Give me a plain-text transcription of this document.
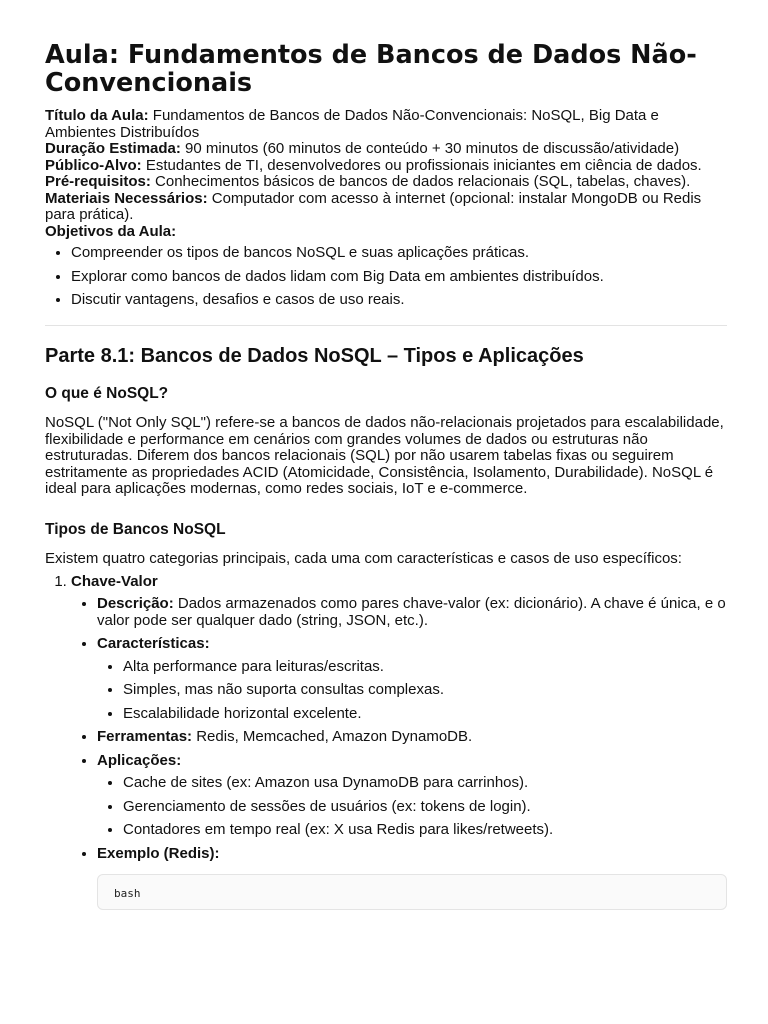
Aula: Fundamentos de Bancos de Dados Não-Convencionais

Título da Aula: Fundamentos de Bancos de Dados Não-Convencionais: NoSQL, Big Data e Ambientes Distribuídos

Duração Estimada: 90 minutos (60 minutos de conteúdo + 30 minutos de discussão/atividade)

Público-Alvo: Estudantes de TI, desenvolvedores ou profissionais iniciantes em ciência de dados.

Pré-requisitos: Conhecimentos básicos de bancos de dados relacionais (SQL, tabelas, chaves).

Materiais Necessários: Computador com acesso à internet (opcional: instalar MongoDB ou Redis para prática).

Objetivos da Aula:

• Compreender os tipos de bancos NoSQL e suas aplicações práticas.
• Explorar como bancos de dados lidam com Big Data em ambientes distribuídos.
• Discutir vantagens, desafios e casos de uso reais.
Parte 8.1: Bancos de Dados NoSQL – Tipos e Aplicações
O que é NoSQL?

NoSQL ("Not Only SQL") refere-se a bancos de dados não-relacionais projetados para escalabilidade, flexibilidade e performance em cenários com grandes volumes de dados ou estruturas não estruturadas. Diferem dos bancos relacionais (SQL) por não usarem tabelas fixas ou seguirem estritamente as propriedades ACID (Atomicidade, Consistência, Isolamento, Durabilidade). NoSQL é ideal para aplicações modernas, como redes sociais, IoT e e-commerce.

Tipos de Bancos NoSQL

Existem quatro categorias principais, cada uma com características e casos de uso específicos:

1. Chave-Valor
• Descrição: Dados armazenados como pares chave-valor (ex: dicionário). A chave é única, e o valor pode ser qualquer dado (string, JSON, etc.).
• Características:
• Alta performance para leituras/escritas.
• Simples, mas não suporta consultas complexas.
• Escalabilidade horizontal excelente.
• Ferramentas: Redis, Memcached, Amazon DynamoDB.
• Aplicações:
• Cache de sites (ex: Amazon usa DynamoDB para carrinhos).
• Gerenciamento de sessões de usuários (ex: tokens de login).
• Contadores em tempo real (ex: X usa Redis para likes/retweets).
• Exemplo (Redis):
bash
